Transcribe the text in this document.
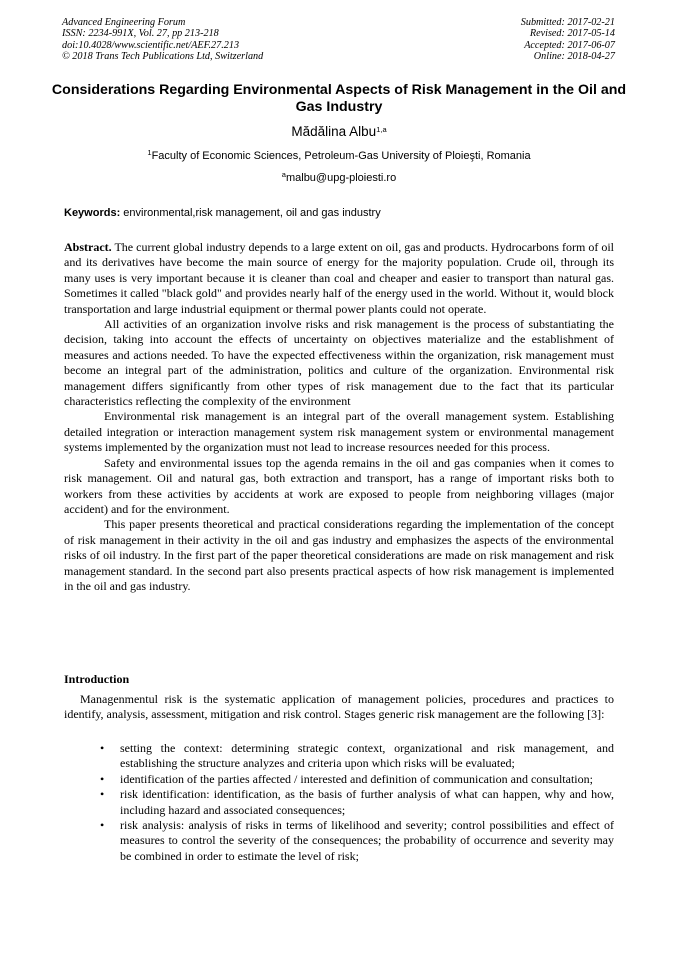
Advanced Engineering Forum
ISSN: 2234-991X, Vol. 27, pp 213-218
doi:10.4028/www.scientific.net/AEF.27.213
© 2018 Trans Tech Publications Ltd, Switzerland
Submitted: 2017-02-21
Revised: 2017-05-14
Accepted: 2017-06-07
Online: 2018-04-27
Considerations Regarding Environmental Aspects of Risk Management in the Oil and Gas Industry
Mădălina Albu$^{1,a}$
$^1$Faculty of Economic Sciences, Petroleum-Gas University of Ploieşti, Romania
$^a$malbu@upg-ploiesti.ro
Keywords: environmental,risk management, oil and gas industry

Abstract. The current global industry depends to a large extent on oil, gas and products. Hydrocarbons form of oil and its derivatives have become the main source of energy for the majority population. Crude oil, through its many uses is very important because it is cleaner than coal and cheaper and easier to transport than natural gas. Sometimes it called "black gold" and provides nearly half of the energy used in the world. Without it, would block transportation and large industrial equipment or thermal power plants could not operate.

All activities of an organization involve risks and risk management is the process of substantiating the decision, taking into account the effects of uncertainty on objectives materialize and the establishment of measures and actions needed. To have the expected effectiveness within the organization, risk management must become an integral part of the administration, politics and culture of the organization. Environmental risk management differs significantly from other types of risk management due to the fact that its particular characteristics reflecting the complexity of the environment

Environmental risk management is an integral part of the overall management system. Establishing detailed integration or interaction management system risk management system or environmental management systems implemented by the organization must not lead to increase resources needed for this process.

Safety and environmental issues top the agenda remains in the oil and gas companies when it comes to risk management. Oil and natural gas, both extraction and transport, has a range of important risks both to workers from these activities by accidents at work are exposed to people from neighboring villages (major accident) and for the environment.

This paper presents theoretical and practical considerations regarding the implementation of the concept of risk management in their activity in the oil and gas industry and emphasizes the aspects of the environmental risks of oil industry. In the first part of the paper theoretical considerations are made on risk management and risk management standard. In the second part also presents practical aspects of how risk management is implemented in the oil and gas industry.

Introduction

Managenmentul risk is the systematic application of management policies, procedures and practices to identify, analysis, assessment, mitigation and risk control. Stages generic risk management are the following [3]:

• setting the context: determining strategic context, organizational and risk management, and establishing the structure analyzes and criteria upon which risks will be evaluated;
• identification of the parties affected / interested and definition of communication and consultation;
• risk identification: identification, as the basis of further analysis of what can happen, why and how, including hazard and associated consequences;
• risk analysis: analysis of risks in terms of likelihood and severity; control possibilities and effect of measures to control the severity of the consequences; the probability of occurrence and severity may be combined in order to estimate the level of risk;
